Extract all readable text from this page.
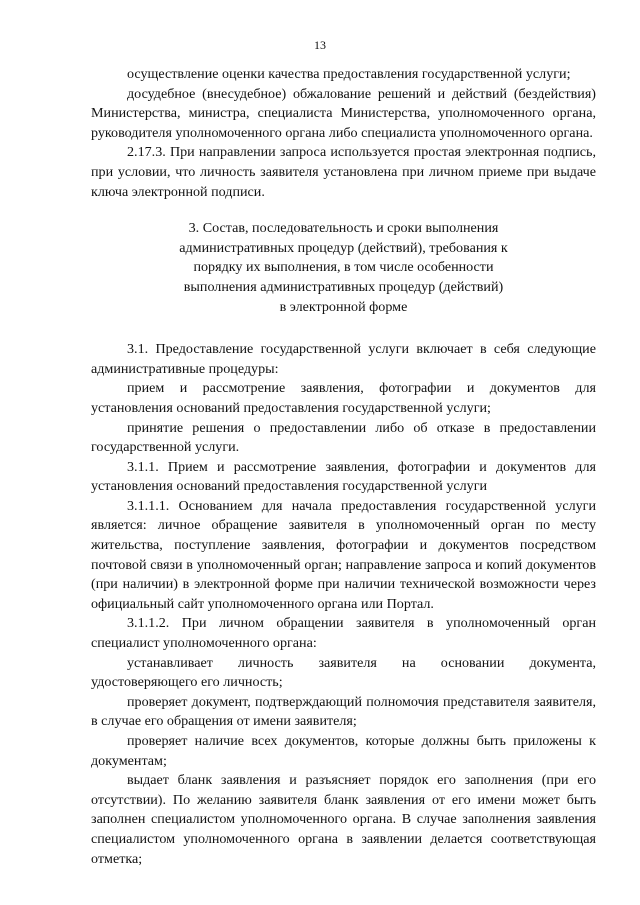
13

осуществление оценки качества предоставления государственной услуги;

досудебное (внесудебное) обжалование решений и действий (бездействия) Министерства, министра, специалиста Министерства, уполномоченного органа, руководителя уполномоченного органа либо специалиста уполномоченного органа.

2.17.3. При направлении запроса используется простая электронная подпись, при условии, что личность заявителя установлена при личном приеме при выдаче ключа электронной подписи.

3. Состав, последовательность и сроки выполнения

административных процедур (действий), требования к

порядку их выполнения, в том числе особенности

выполнения административных процедур (действий)

в электронной форме

3.1. Предоставление государственной услуги включает в себя следующие административные процедуры:

прием и рассмотрение заявления, фотографии и документов для установления оснований предоставления государственной услуги;

принятие решения о предоставлении либо об отказе в предоставлении государственной услуги.

3.1.1. Прием и рассмотрение заявления, фотографии и документов для установления оснований предоставления государственной услуги

3.1.1.1. Основанием для начала предоставления государственной услуги является: личное обращение заявителя в уполномоченный орган по месту жительства, поступление заявления, фотографии и документов посредством почтовой связи в уполномоченный орган; направление запроса и копий документов (при наличии) в электронной форме при наличии технической возможности через официальный сайт уполномоченного органа или Портал.

3.1.1.2. При личном обращении заявителя в уполномоченный орган специалист уполномоченного органа:

устанавливает личность заявителя на основании документа, удостоверяющего его личность;

проверяет документ, подтверждающий полномочия представителя заявителя, в случае его обращения от имени заявителя;

проверяет наличие всех документов, которые должны быть приложены к документам;

выдает бланк заявления и разъясняет порядок его заполнения (при его отсутствии). По желанию заявителя бланк заявления от его имени может быть заполнен специалистом уполномоченного органа. В случае заполнения заявления специалистом уполномоченного органа в заявлении делается соответствующая отметка;
